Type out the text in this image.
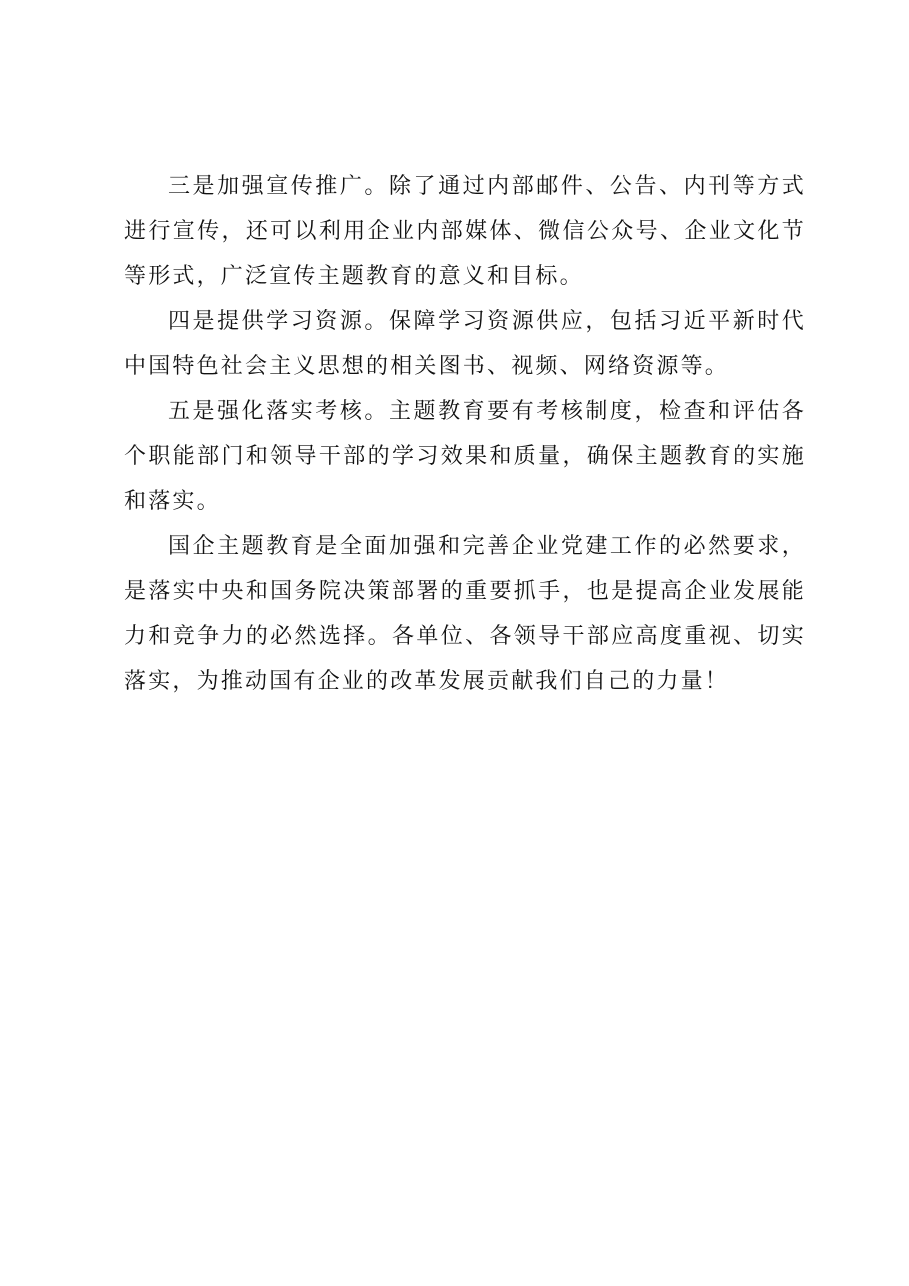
三是加强宣传推广。除了通过内部邮件、公告、内刊等方式进行宣传，还可以利用企业内部媒体、微信公众号、企业文化节等形式，广泛宣传主题教育的意义和目标。

四是提供学习资源。保障学习资源供应，包括习近平新时代中国特色社会主义思想的相关图书、视频、网络资源等。

五是强化落实考核。主题教育要有考核制度，检查和评估各个职能部门和领导干部的学习效果和质量，确保主题教育的实施和落实。

国企主题教育是全面加强和完善企业党建工作的必然要求，是落实中央和国务院决策部署的重要抓手，也是提高企业发展能力和竞争力的必然选择。各单位、各领导干部应高度重视、切实落实，为推动国有企业的改革发展贡献我们自己的力量！
